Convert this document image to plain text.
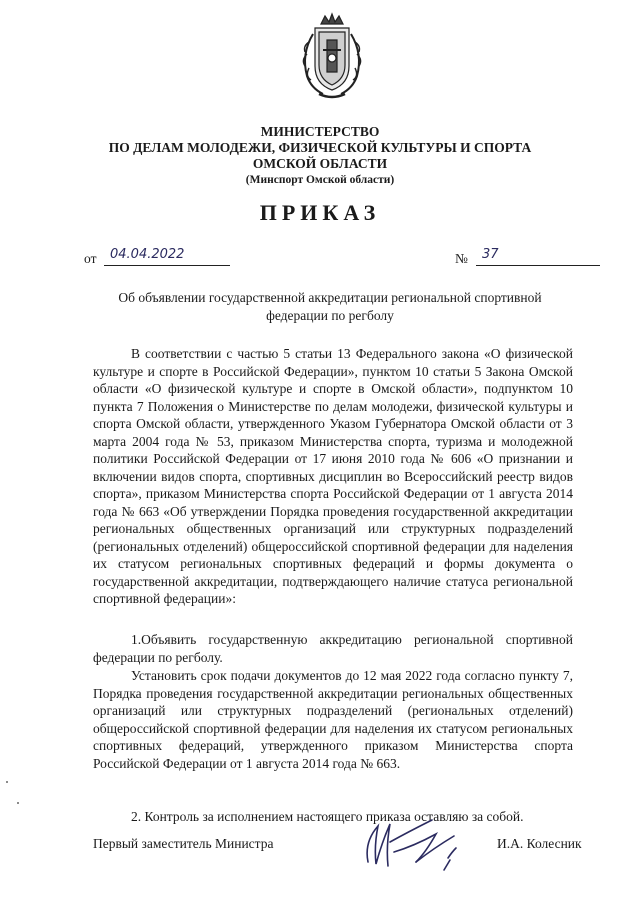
МИНИСТЕРСТВО
ПО ДЕЛАМ МОЛОДЕЖИ, ФИЗИЧЕСКОЙ КУЛЬТУРЫ И СПОРТА
ОМСКОЙ ОБЛАСТИ
(Минспорт Омской области)
ПРИКАЗ
от 04.04.2022	№ 37
Об объявлении государственной аккредитации региональной спортивной федерации по регболу
В соответствии с частью 5 статьи 13 Федерального закона «О физической культуре и спорте в Российской Федерации», пунктом 10 статьи 5 Закона Омской области «О физической культуре и спорте в Омской области», подпунктом 10 пункта 7 Положения о Министерстве по делам молодежи, физической культуры и спорта Омской области, утвержденного Указом Губернатора Омской области от 3 марта 2004 года № 53, приказом Министерства спорта, туризма и молодежной политики Российской Федерации от 17 июня 2010 года № 606 «О признании и включении видов спорта, спортивных дисциплин во Всероссийский реестр видов спорта», приказом Министерства спорта Российской Федерации от 1 августа 2014 года № 663 «Об утверждении Порядка проведения государственной аккредитации региональных общественных организаций или структурных подразделений (региональных отделений) общероссийской спортивной федерации для наделения их статусом региональных спортивных федераций и формы документа о государственной аккредитации, подтверждающего наличие статуса региональной спортивной федерации»:
1.Объявить государственную аккредитацию региональной спортивной федерации по регболу.
Установить срок подачи документов до 12 мая 2022 года согласно пункту 7, Порядка проведения государственной аккредитации региональных общественных организаций или структурных подразделений (региональных отделений) общероссийской спортивной федерации для наделения их статусом региональных спортивных федераций, утвержденного приказом Министерства спорта Российской Федерации от 1 августа 2014 года № 663.
2. Контроль за исполнением настоящего приказа оставляю за собой.
Первый заместитель Министра	И.А. Колесник
